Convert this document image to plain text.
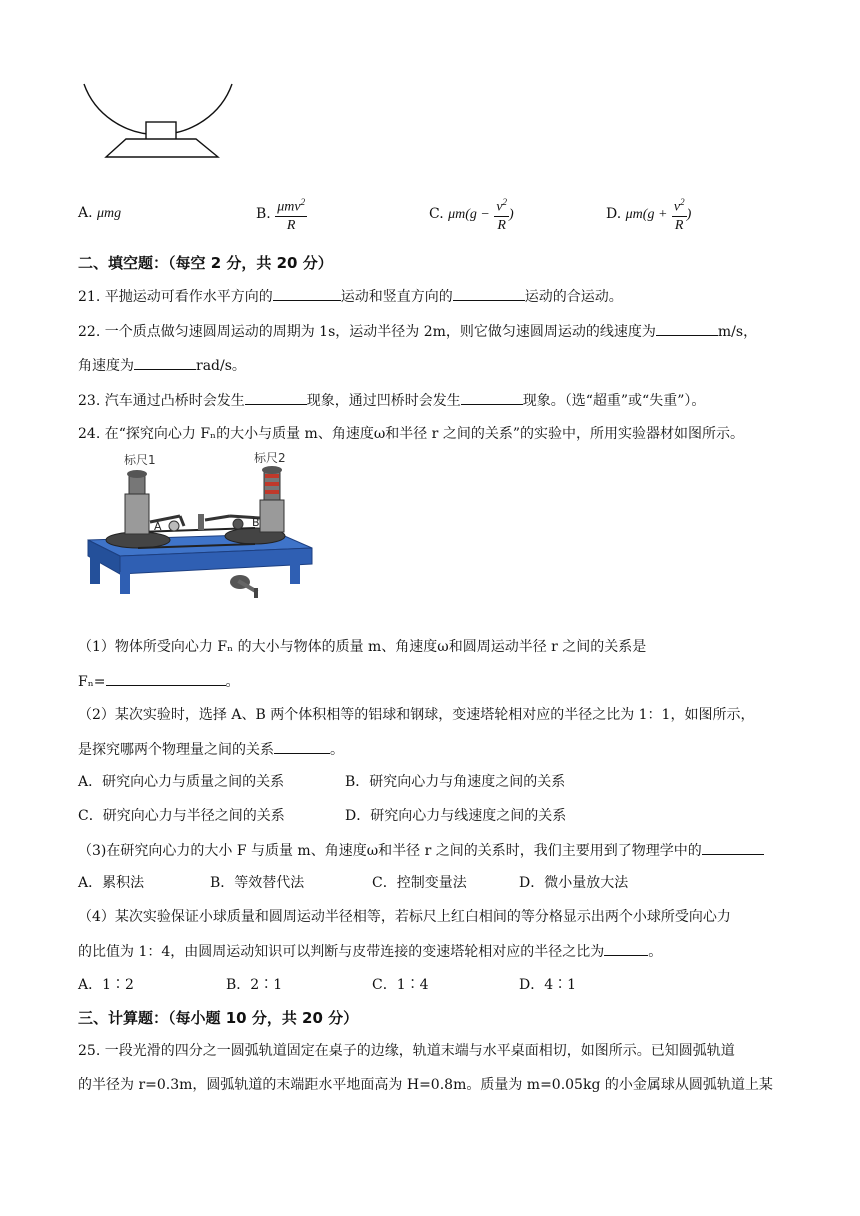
A. μmg	B. $\frac{\mu mv^2}{R}$	C. $\mu m(g - \frac{v^2}{R}$ )	D. $\mu m(g + \frac{v^2}{R}$ )
二、填空题：（每空 2 分，共 20 分）
21. 平抛运动可看作水平方向的	运动和竖直方向的	运动的合运动。
22. 一个质点做匀速圆周运动的周期为 1s，运动半径为 2m，则它做匀速圆周运动的线速度为	m/s，
角速度为	rad/s。
23. 汽车通过凸桥时会发生	现象，通过凹桥时会发生	现象。（选“超重”或“失重”）。
24. 在“探究向心力 Fₙ的大小与质量 m、角速度ω和半径 r 之间的关系”的实验中，所用实验器材如图所示。
标尺1	标尺2
A	B
（1）物体所受向心力 Fₙ 的大小与物体的质量 m、角速度ω和圆周运动半径 r 之间的关系是
Fₙ=	。
（2）某次实验时，选择 A、B 两个体积相等的铝球和钢球，变速塔轮相对应的半径之比为 1：1，如图所示，
是探究哪两个物理量之间的关系	。
A．研究向心力与质量之间的关系	B．研究向心力与角速度之间的关系
C．研究向心力与半径之间的关系	D．研究向心力与线速度之间的关系
（3)在研究向心力的大小 F 与质量 m、角速度ω和半径 r 之间的关系时，我们主要用到了物理学中的
A．累积法	B．等效替代法	C．控制变量法	D．微小量放大法
（4）某次实验保证小球质量和圆周运动半径相等，若标尺上红白相间的等分格显示出两个小球所受向心力
的比值为 1：4，由圆周运动知识可以判断与皮带连接的变速塔轮相对应的半径之比为	。
A．1∶2	B．2∶1	C．1∶4	D．4∶1
三、计算题：（每小题 10 分，共 20 分）
25. 一段光滑的四分之一圆弧轨道固定在桌子的边缘，轨道末端与水平桌面相切，如图所示。已知圆弧轨道
的半径为 r=0.3m，圆弧轨道的末端距水平地面高为 H=0.8m。质量为 m=0.05kg 的小金属球从圆弧轨道上某
